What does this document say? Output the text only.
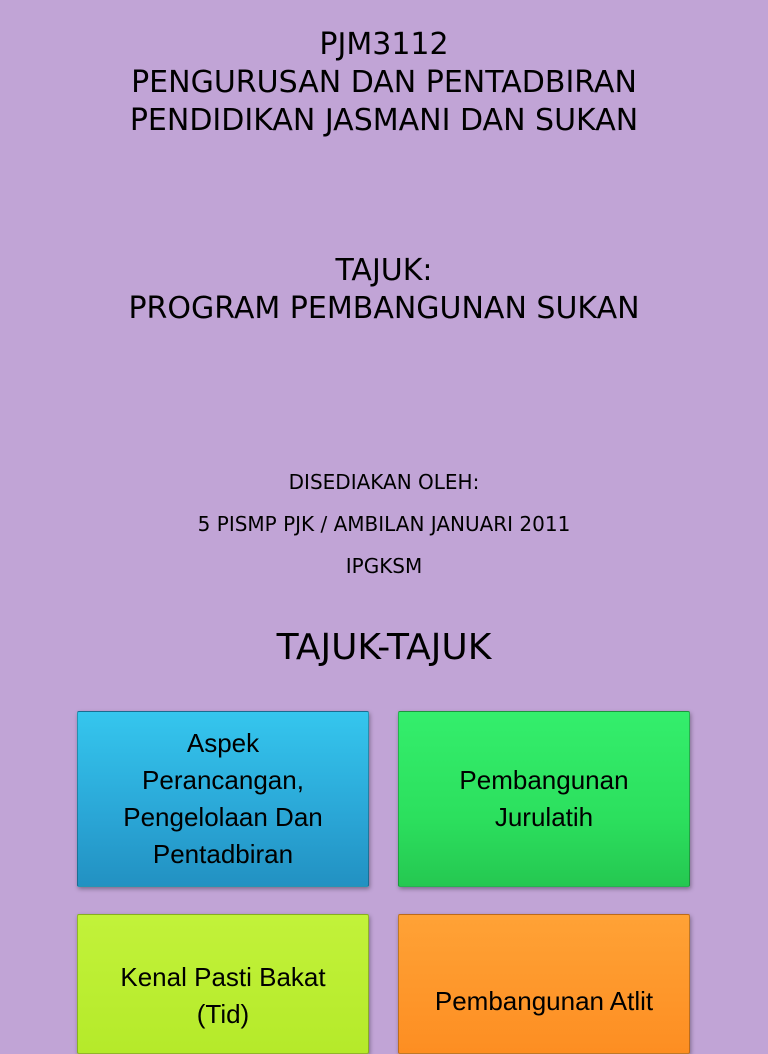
PJM3112
PENGURUSAN DAN PENTADBIRAN
PENDIDIKAN JASMANI DAN SUKAN
TAJUK:
PROGRAM PEMBANGUNAN SUKAN
DISEDIAKAN OLEH:
5 PISMP PJK / AMBILAN JANUARI 2011
IPGKSM
TAJUK-TAJUK
Aspek
Perancangan,
Pengelolaan Dan
Pentadbiran
Pembangunan
Jurulatih
Kenal Pasti Bakat
(Tid)	Pembangunan Atlit
